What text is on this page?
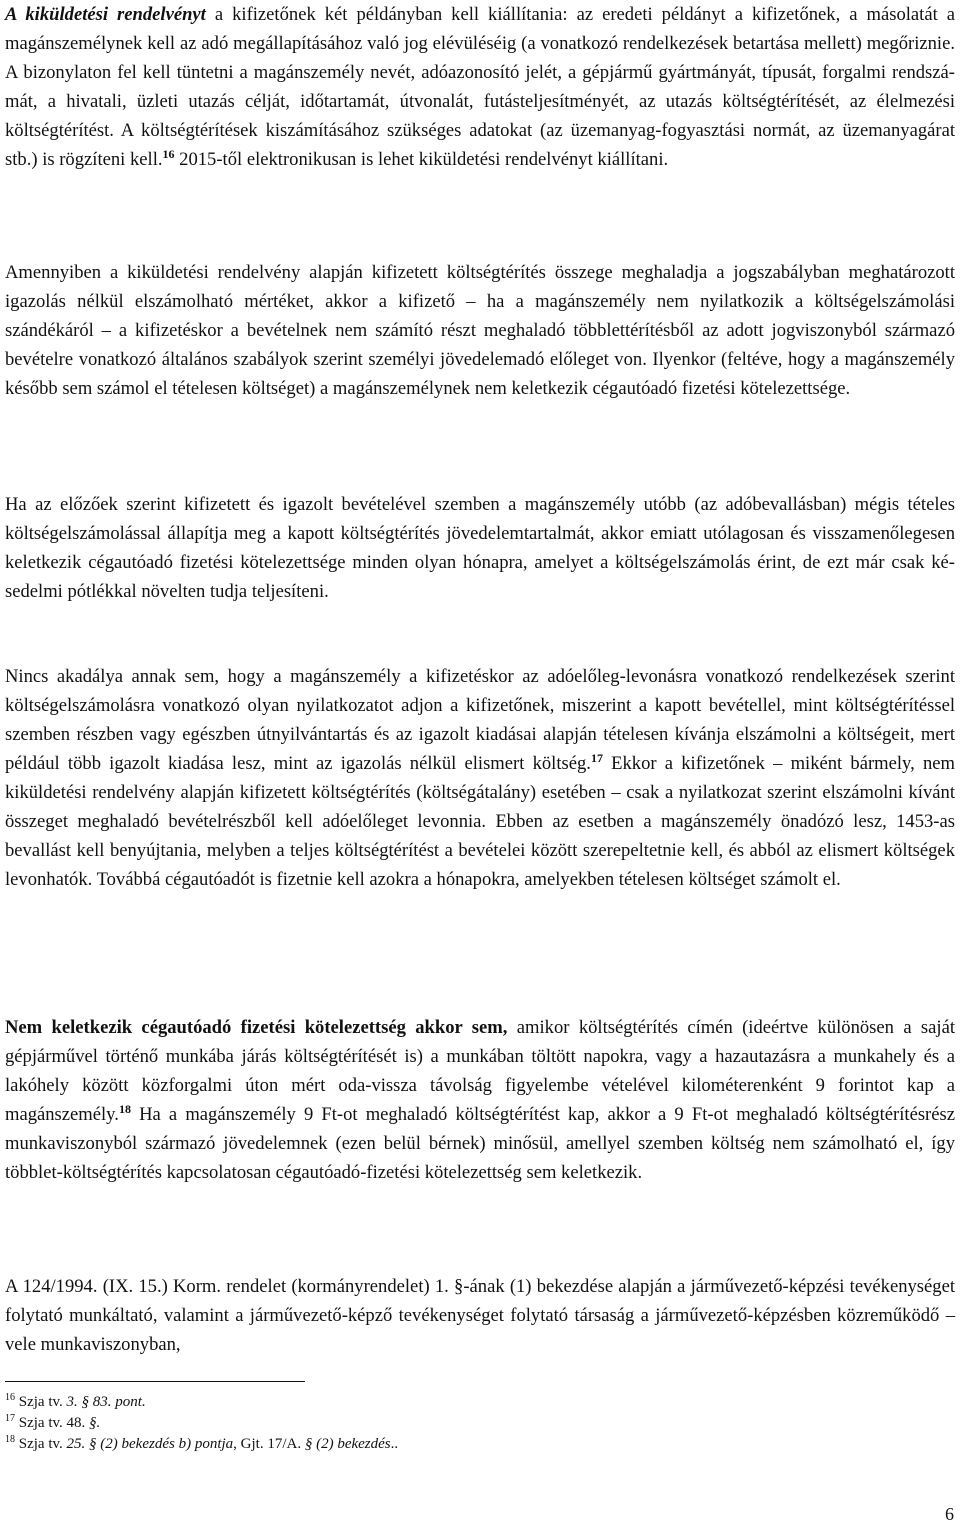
A kiküldetési rendelvényt a kifizetőnek két példányban kell kiállítania: az eredeti példányt a kifizetőnek, a másolatát a magánszemélynek kell az adó megállapításához való jog elévüléséig (a vonatkozó rendelkezések betartása mellett) megőriznie. A bizonylaton fel kell tüntetni a magánszemély nevét, adóazonosító jelét, a gépjármű gyártmányát, típusát, forgalmi rendszámát, a hivatali, üzleti utazás célját, időtartamát, útvonalát, futásteljesítményét, az utazás költségtérítését, az élelmezési költségtérítést. A költségtérítések kiszámításához szükséges adatokat (az üzemanyag-fogyasztási normát, az üzemanyagárat stb.) is rögzíteni kell.$^{16}$ 2015-től elektronikusan is lehet kiküldetési rendelvényt kiállítani.

Amennyiben a kiküldetési rendelvény alapján kifizetett költségtérítés összege meghaladja a jogszabályban meghatározott igazolás nélkül elszámolható mértéket, akkor a kifizető – ha a magánszemély nem nyilatkozik a költségelszámolási szándékáról – a kifizetéskor a bevételnek nem számító részt meghaladó többlettérítésből az adott jogviszonyból származó bevételre vonatkozó általános szabályok szerint személyi jövedelemadó előleget von. Ilyenkor (feltéve, hogy a magánszemély később sem számol el tételesen költséget) a magánszemélynek nem keletkezik cégautóadó fizetési kötelezettsége.

Ha az előzőek szerint kifizetett és igazolt bevételével szemben a magánszemély utóbb (az adóbevallásban) mégis tételes költségelszámolással állapítja meg a kapott költségtérítés jövedelemtartalmát, akkor emiatt utólagosan és visszamenőlegesen keletkezik cégautóadó fizetési kötelezettsége minden olyan hónapra, amelyet a költségelszámolás érint, de ezt már csak késedelmi pótlékkal növelten tudja teljesíteni.

Nincs akadálya annak sem, hogy a magánszemély a kifizetéskor az adóelőleg-levonásra vonatkozó rendelkezések szerint költségelszámolásra vonatkozó olyan nyilatkozatot adjon a kifizetőnek, miszerint a kapott bevétellel, mint költségtérítéssel szemben részben vagy egészben útnyilvántartás és az igazolt kiadásai alapján tételesen kívánja elszámolni a költségeit, mert például több igazolt kiadása lesz, mint az igazolás nélkül elismert költség.$^{17}$ Ekkor a kifizetőnek – miként bármely, nem kiküldetési rendelvény alapján kifizetett költségtérítés (költségátalány) esetében – csak a nyilatkozat szerint elszámolni kívánt összeget meghaladó bevételrészből kell adóelőleget levonnia. Ebben az esetben a magánszemély önadózó lesz, 1453-as bevallást kell benyújtania, melyben a teljes költségtérítést a bevételei között szerepeltetnie kell, és abból az elismert költségek levonhatók. Továbbá cégautóadót is fizetnie kell azokra a hónapokra, amelyekben tételesen költséget számolt el.

Nem keletkezik cégautóadó fizetési kötelezettség akkor sem, amikor költségtérítés címén (ideértve különösen a saját gépjárművel történő munkába járás költségtérítését is) a munkában töltött napokra, vagy a hazautazásra a munkahely és a lakóhely között közforgalmi úton mért oda-vissza távolság figyelembe vételével kilométerenként 9 forintot kap a magánszemély.$^{18}$ Ha a magánszemély 9 Ft-ot meghaladó költségtérítést kap, akkor a 9 Ft-ot meghaladó költségtérítésrész munkaviszonyból származó jövedelemnek (ezen belül bérnek) minősül, amellyel szemben költség nem számolható el, így többlet-költségtérítés kapcsolatosan cégautóadó-fizetési kötelezettség sem keletkezik.

A 124/1994. (IX. 15.) Korm. rendelet (kormányrendelet) 1. §-ának (1) bekezdése alapján a járművezető-képzési tevékenységet folytató munkáltató, valamint a járművezető-képző tevékenységet folytató társaság a járművezető-képzésben közreműködő – vele munkaviszonyban,

$^{16}$ Szja tv. 3. § 83. pont.

$^{17}$ Szja tv. 48. §.

$^{18}$ Szja tv. 25. § (2) bekezdés b) pontja, Gjt. 17/A. § (2) bekezdés..

6
